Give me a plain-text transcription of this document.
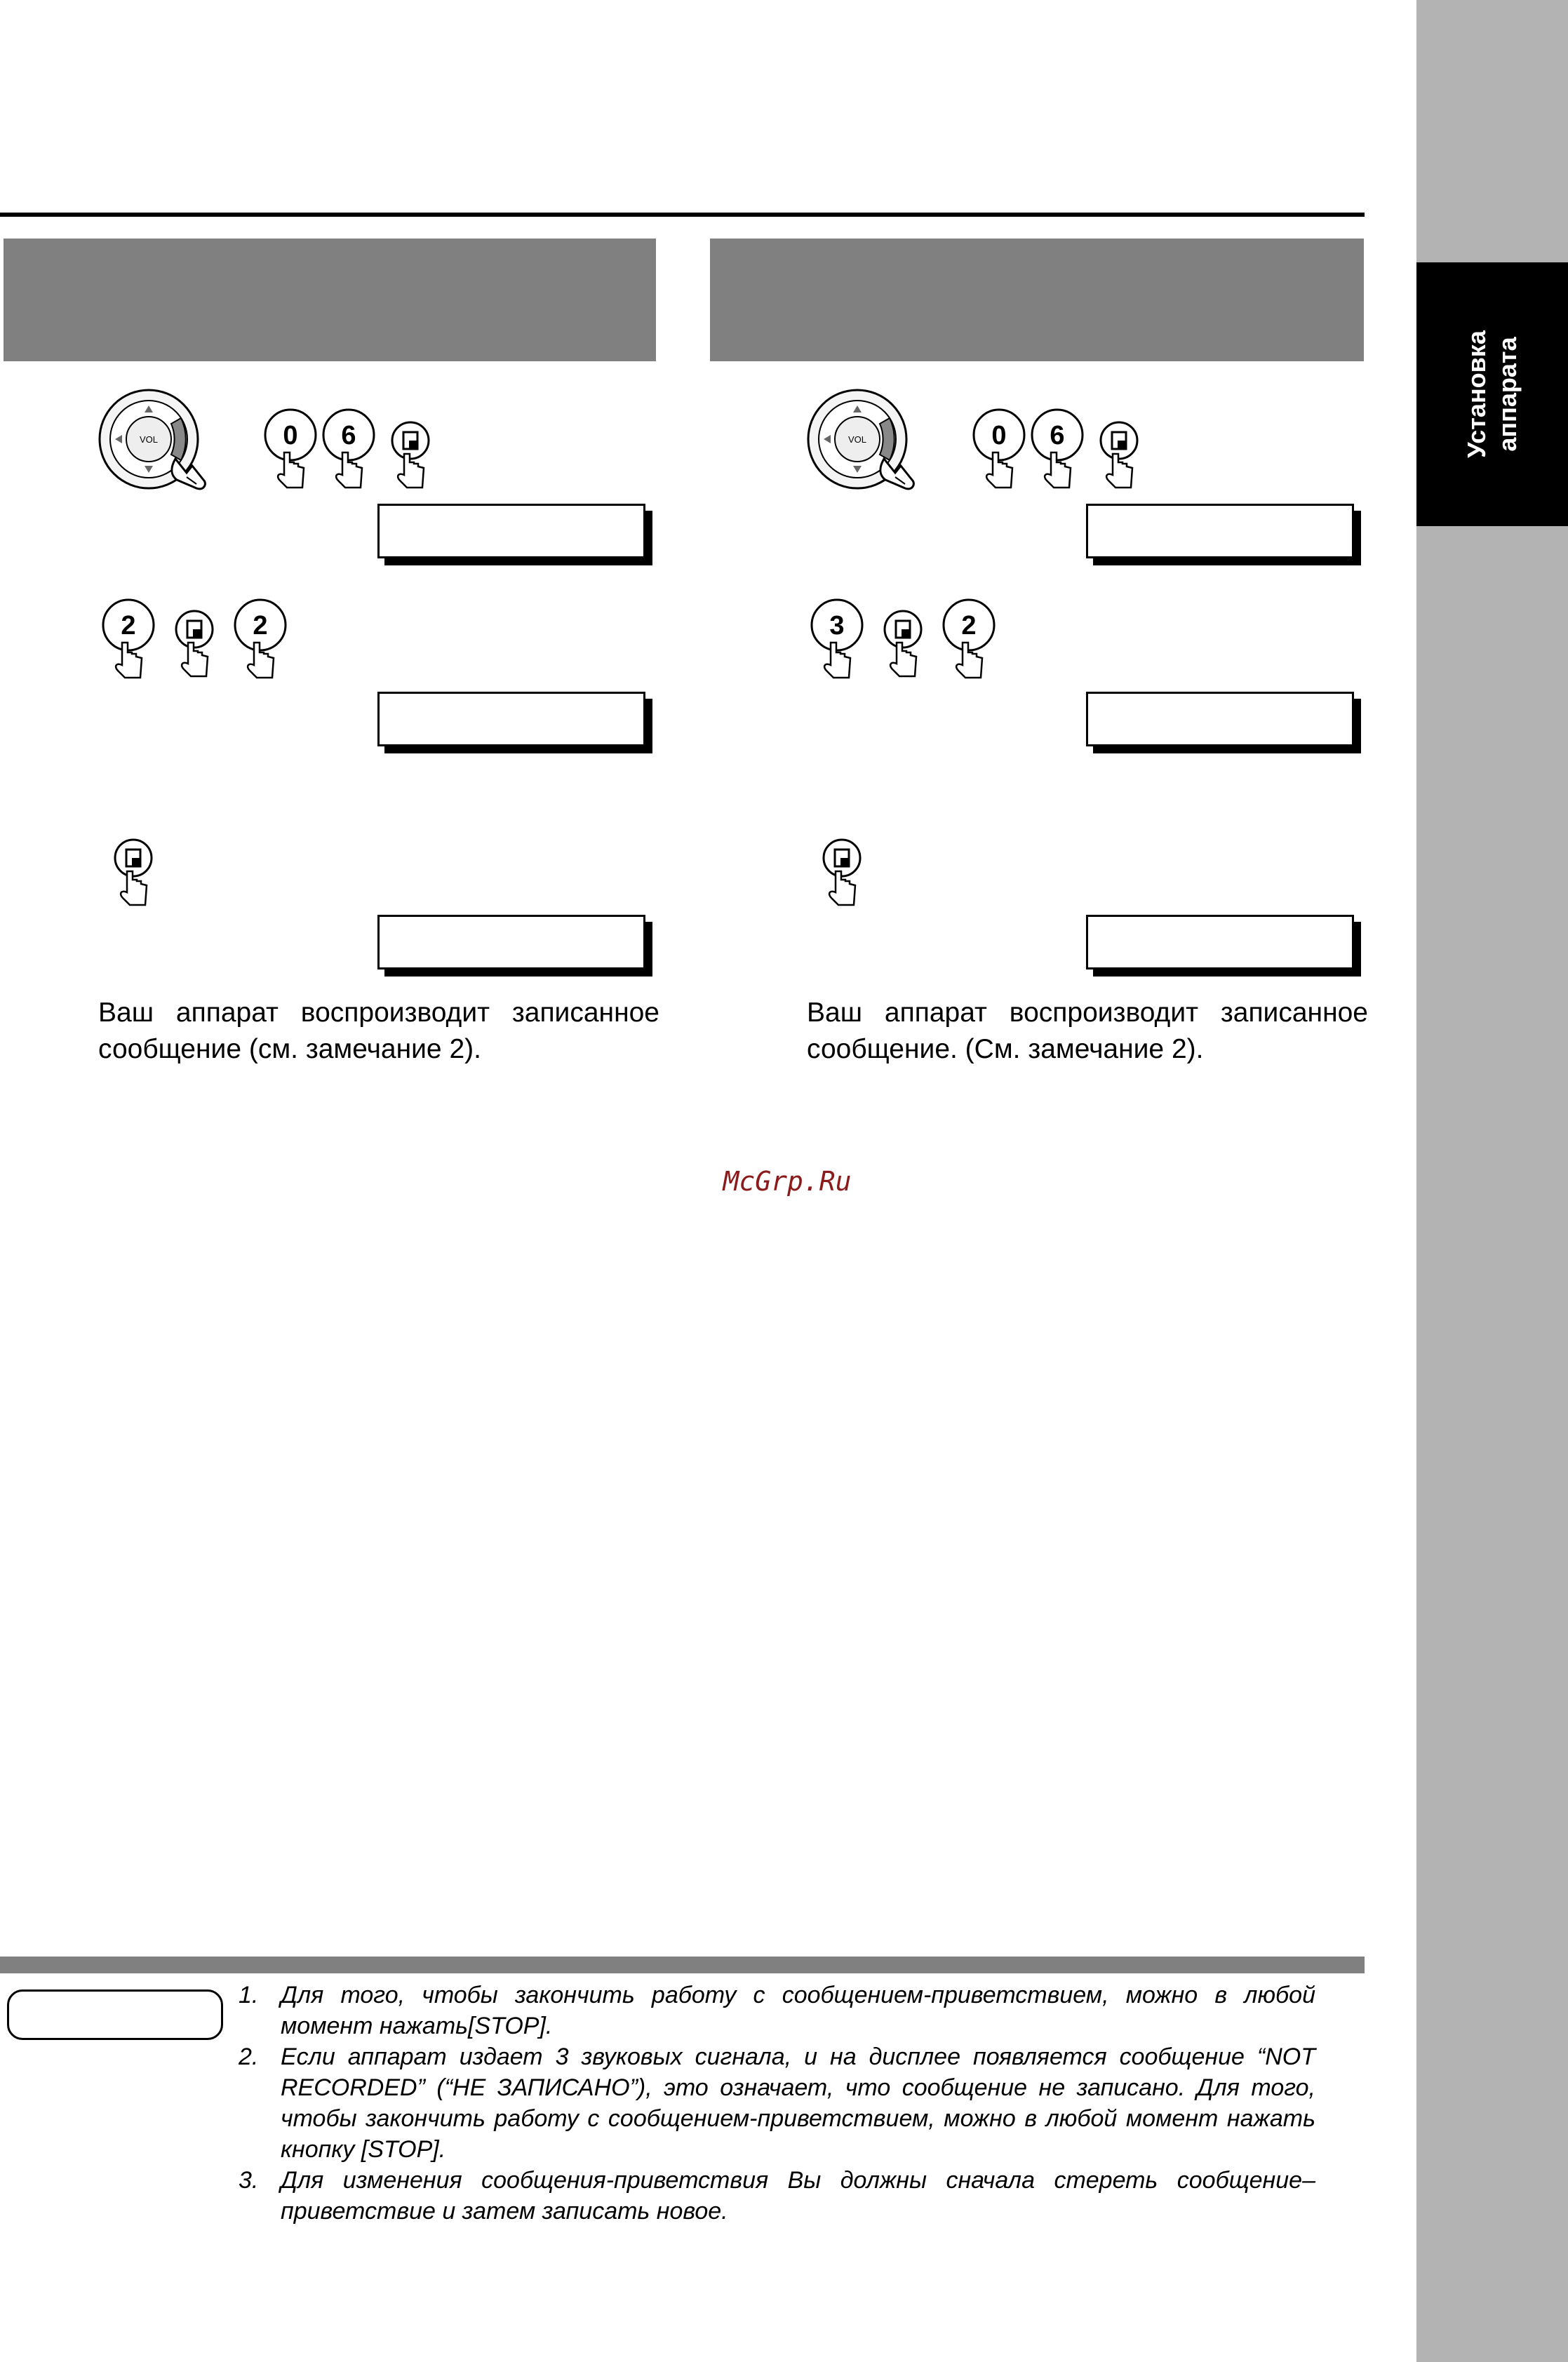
Установка аппарата
VOL	0 6
2	2
Ваш аппарат воспроизводит записанное сообщение (см. замечание 2).
VOL	0 6
3	2
Ваш аппарат воспроизводит записанное сообщение. (См. замечание 2).
McGrp.Ru
1. Для того, чтобы закончить работу с сообщением-приветствием, можно в любой момент нажать[STOP].
2. Если аппарат издает 3 звуковых сигнала, и на дисплее появляется сообщение “NOT RECORDED” (“НЕ ЗАПИСАНО”), это означает, что сообщение не записано. Для того, чтобы закончить работу с сообщением-приветствием, можно в любой момент нажать кнопку [STOP].
3. Для изменения сообщения-приветствия Вы должны сначала стереть сообщение–приветствие и затем записать новое.
